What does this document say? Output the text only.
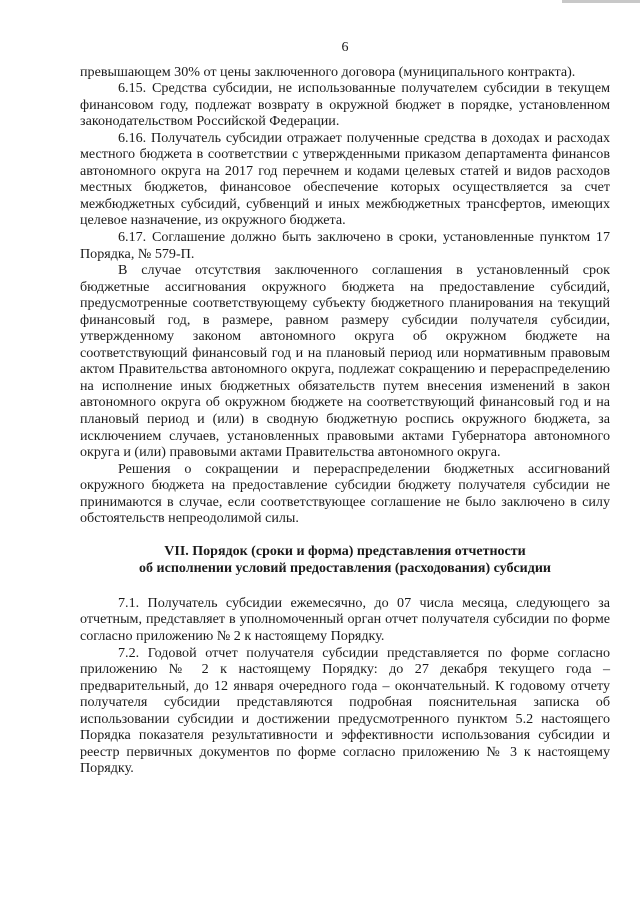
6

превышающем 30% от цены заключенного договора (муниципального контракта).

6.15. Средства субсидии, не использованные получателем субсидии в текущем финансовом году, подлежат возврату в окружной бюджет в порядке, установленном законодательством Российской Федерации.

6.16. Получатель субсидии отражает полученные средства в доходах и расходах местного бюджета в соответствии с утвержденными приказом департамента финансов автономного округа на 2017 год перечнем и кодами целевых статей и видов расходов местных бюджетов, финансовое обеспечение которых осуществляется за счет межбюджетных субсидий, субвенций и иных межбюджетных трансфертов, имеющих целевое назначение, из окружного бюджета.

6.17. Соглашение должно быть заключено в сроки, установленные пунктом 17 Порядка, № 579-П.

В случае отсутствия заключенного соглашения в установленный срок бюджетные ассигнования окружного бюджета на предоставление субсидий, предусмотренные соответствующему субъекту бюджетного планирования на текущий финансовый год, в размере, равном размеру субсидии получателя субсидии, утвержденному законом автономного округа об окружном бюджете на соответствующий финансовый год и на плановый период или нормативным правовым актом Правительства автономного округа, подлежат сокращению и перераспределению на исполнение иных бюджетных обязательств путем внесения изменений в закон автономного округа об окружном бюджете на соответствующий финансовый год и на плановый период и (или) в сводную бюджетную роспись окружного бюджета, за исключением случаев, установленных правовыми актами Губернатора автономного округа и (или) правовыми актами Правительства автономного округа.

Решения о сокращении и перераспределении бюджетных ассигнований окружного бюджета на предоставление субсидии бюджету получателя субсидии не принимаются в случае, если соответствующее соглашение не было заключено в силу обстоятельств непреодолимой силы.

VII. Порядок (сроки и форма) представления отчетности
об исполнении условий предоставления (расходования) субсидии

7.1. Получатель субсидии ежемесячно, до 07 числа месяца, следующего за отчетным, представляет в уполномоченный орган отчет получателя субсидии по форме согласно приложению № 2 к настоящему Порядку.

7.2. Годовой отчет получателя субсидии представляется по форме согласно приложению № 2 к настоящему Порядку: до 27 декабря текущего года – предварительный, до 12 января очередного года – окончательный. К годовому отчету получателя субсидии представляются подробная пояснительная записка об использовании субсидии и достижении предусмотренного пунктом 5.2 настоящего Порядка показателя результативности и эффективности использования субсидии и реестр первичных документов по форме согласно приложению № 3 к настоящему Порядку.
